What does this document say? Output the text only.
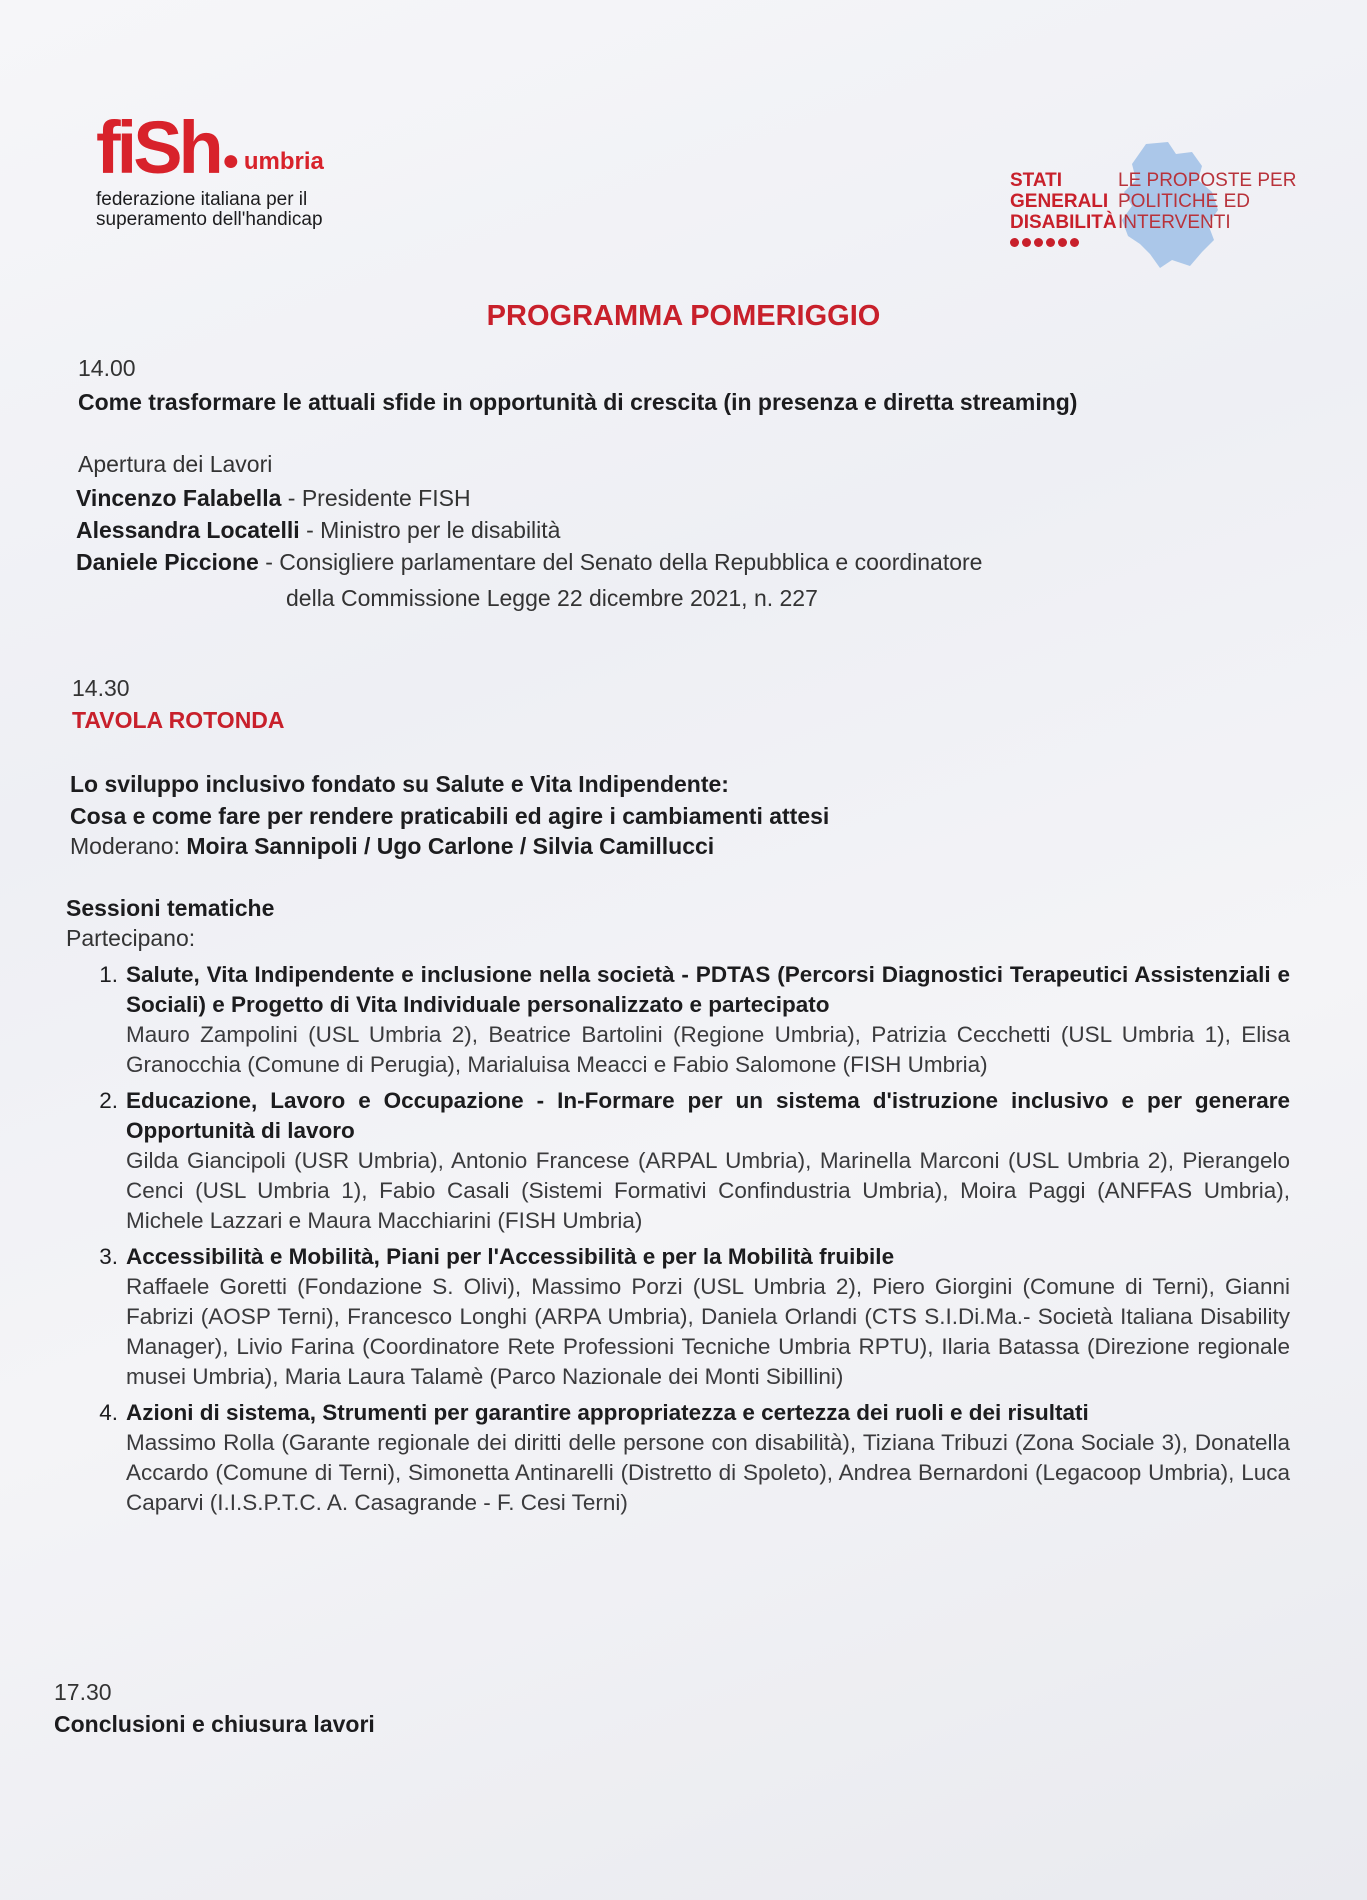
fiSh ● umbria
federazione italiana per il
superamento dell'handicap
STATI	LE PROPOSTE PER
GENERALI POLITICHE ED
DISABILITÀINTERVENTI
PROGRAMMA POMERIGGIO
14.00
Come trasformare le attuali sfide in opportunità di crescita (in presenza e diretta streaming)
Apertura dei Lavori
Vincenzo Falabella - Presidente FISH
Alessandra Locatelli - Ministro per le disabilità
Daniele Piccione - Consigliere parlamentare del Senato della Repubblica e coordinatore
della Commissione Legge 22 dicembre 2021, n. 227
14.30
TAVOLA ROTONDA
Lo sviluppo inclusivo fondato su Salute e Vita Indipendente:
Cosa e come fare per rendere praticabili ed agire i cambiamenti attesi
Moderano: Moira Sannipoli / Ugo Carlone / Silvia Camillucci
Sessioni tematiche
Partecipano:
1. Salute, Vita Indipendente e inclusione nella società - PDTAS (Percorsi Diagnostici Terapeutici Assistenziali e Sociali) e Progetto di Vita Individuale personalizzato e partecipato
Mauro Zampolini (USL Umbria 2), Beatrice Bartolini (Regione Umbria), Patrizia Cecchetti (USL Umbria 1), Elisa Granocchia (Comune di Perugia), Marialuisa Meacci e Fabio Salomone (FISH Umbria)
2. Educazione, Lavoro e Occupazione - In-Formare per un sistema d'istruzione inclusivo e per generare Opportunità di lavoro
Gilda Giancipoli (USR Umbria), Antonio Francese (ARPAL Umbria), Marinella Marconi (USL Umbria 2), Pierangelo Cenci (USL Umbria 1), Fabio Casali (Sistemi Formativi Confindustria Umbria), Moira Paggi (ANFFAS Umbria), Michele Lazzari e Maura Macchiarini (FISH Umbria)
3. Accessibilità e Mobilità, Piani per l'Accessibilità e per la Mobilità fruibile
Raffaele Goretti (Fondazione S. Olivi), Massimo Porzi (USL Umbria 2), Piero Giorgini (Comune di Terni), Gianni Fabrizi (AOSP Terni), Francesco Longhi (ARPA Umbria), Daniela Orlandi (CTS S.I.Di.Ma.- Società Italiana Disability Manager), Livio Farina (Coordinatore Rete Professioni Tecniche Umbria RPTU), Ilaria Batassa (Direzione regionale musei Umbria), Maria Laura Talamè (Parco Nazionale dei Monti Sibillini)
4. Azioni di sistema, Strumenti per garantire appropriatezza e certezza dei ruoli e dei risultati
Massimo Rolla (Garante regionale dei diritti delle persone con disabilità), Tiziana Tribuzi (Zona Sociale 3), Donatella Accardo (Comune di Terni), Simonetta Antinarelli (Distretto di Spoleto), Andrea Bernardoni (Legacoop Umbria), Luca Caparvi (I.I.S.P.T.C. A. Casagrande - F. Cesi Terni)
17.30
Conclusioni e chiusura lavori
